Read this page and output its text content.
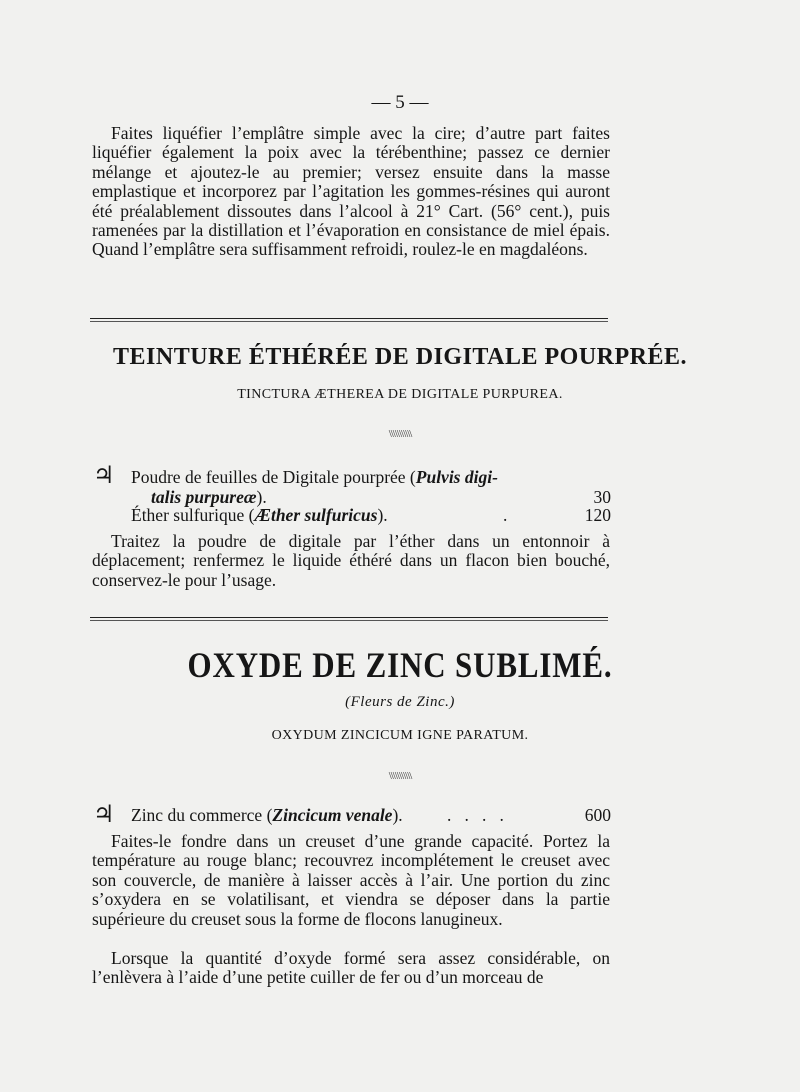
— 5 —

Faites liquéfier l’emplâtre simple avec la cire; d’autre part faites liquéfier également la poix avec la térébenthine; passez ce dernier mélange et ajoutez-le au premier; versez ensuite dans la masse emplastique et incorporez par l’agitation les gommes-résines qui auront été préalablement dissoutes dans l’alcool à 21° Cart. (56° cent.), puis ramenées par la distillation et l’évaporation en consistance de miel épais. Quand l’emplâtre sera suffisamment refroidi, roulez-le en magdaléons.

TEINTURE ÉTHÉRÉE DE DIGITALE POURPRÉE.
TINCTURA ÆTHEREA DE DIGITALE PURPUREA.
\\\\\\\\\\\
♃ Poudre de feuilles de Digitale pourprée (Pulvis digi-
talis purpureæ).	30
Éther sulfurique (Æther sulfuricus).	.	120

Traitez la poudre de digitale par l’éther dans un entonnoir à déplacement; renfermez le liquide éthéré dans un flacon bien bouché, conservez-le pour l’usage.

OXYDE DE ZINC SUBLIMÉ.
(Fleurs de Zinc.)
OXYDUM ZINCICUM IGNE PARATUM.
\\\\\\\\\\\
♃ Zinc du commerce (Zincicum venale).	.   .   .   .	600

Faites-le fondre dans un creuset d’une grande capacité. Portez la température au rouge blanc; recouvrez incomplétement le creuset avec son couvercle, de manière à laisser accès à l’air. Une portion du zinc s’oxydera en se volatilisant, et viendra se déposer dans la partie supérieure du creuset sous la forme de flocons lanugineux.

Lorsque la quantité d’oxyde formé sera assez considérable, on l’enlèvera à l’aide d’une petite cuiller de fer ou d’un morceau de
